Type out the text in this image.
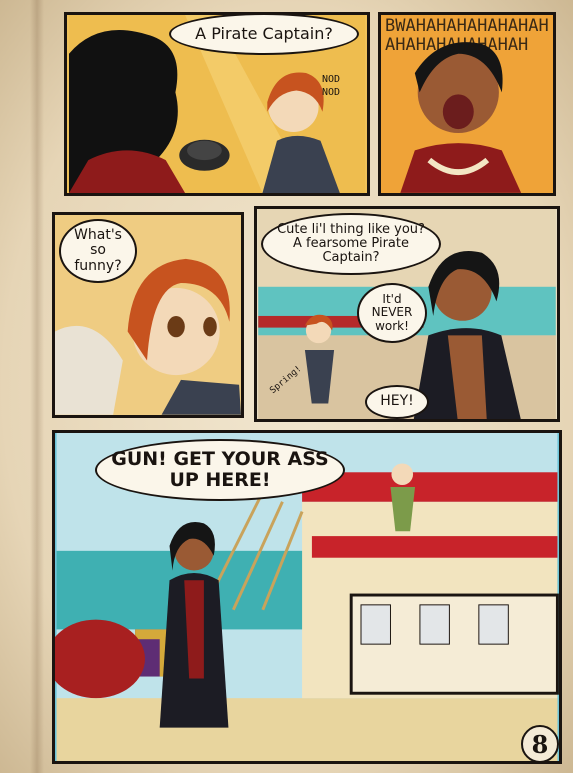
A Pirate Captain?
NOD NOD
BWAHAHAHAHAHAHAHAHAHAHAHAHAHAH
What's so funny?
Cute li'l thing like you? A fearsome Pirate Captain?
It'd NEVER work!
HEY!
Spring!
GUN! GET YOUR ASS UP HERE!
8
